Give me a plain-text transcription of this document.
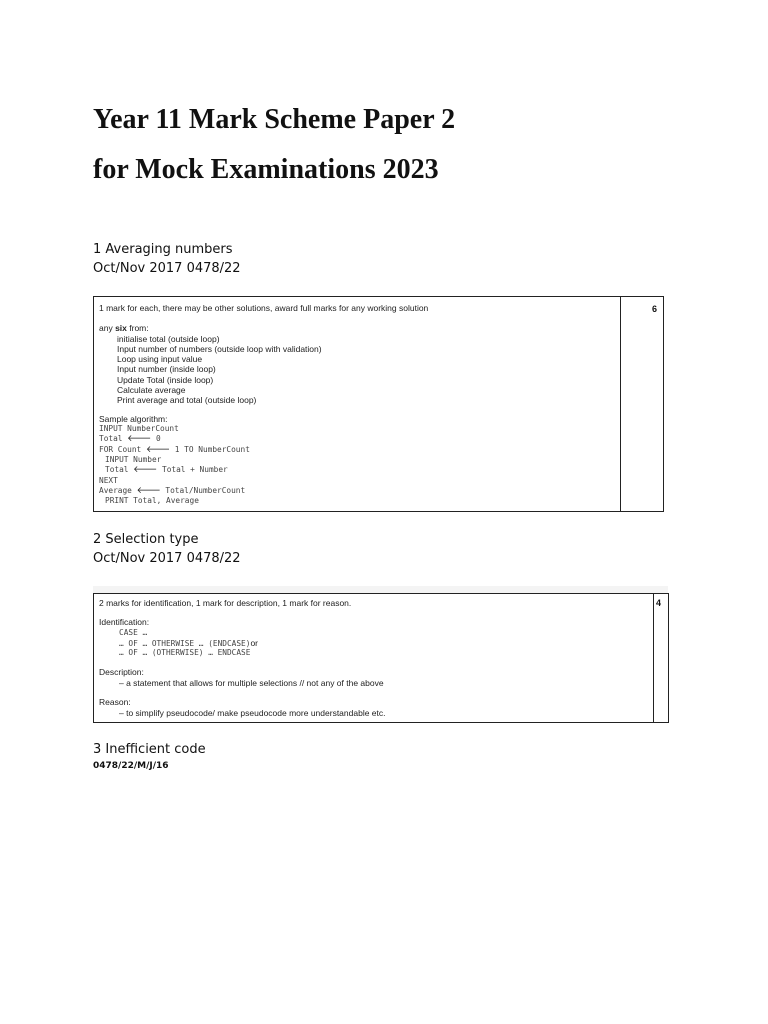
Year 11 Mark Scheme Paper 2
for Mock Examinations 2023
1 Averaging numbers
Oct/Nov 2017 0478/22
6
1 mark for each, there may be other solutions, award full marks for any working solution
any six from:
initialise total (outside loop)
Input number of numbers (outside loop with validation)
Loop using input value
Input number (inside loop)
Update Total (inside loop)
Calculate average
Print average and total (outside loop)
Sample algorithm:
INPUT NumberCount
Total 🡐 0
FOR Count 🡐 1 TO NumberCount
INPUT Number
Total 🡐 Total + Number
NEXT
Average 🡐 Total/NumberCount
PRINT Total, Average
2 Selection type
Oct/Nov 2017 0478/22
4
2 marks for identification, 1 mark for description, 1 mark for reason.
Identification:
CASE …
… OF … OTHERWISE … (ENDCASE)or
… OF … (OTHERWISE) … ENDCASE
Description:
– a statement that allows for multiple selections // not any of the above
Reason:
– to simplify pseudocode/ make pseudocode more understandable etc.
3 Inefficient code
0478/22/M/J/16
